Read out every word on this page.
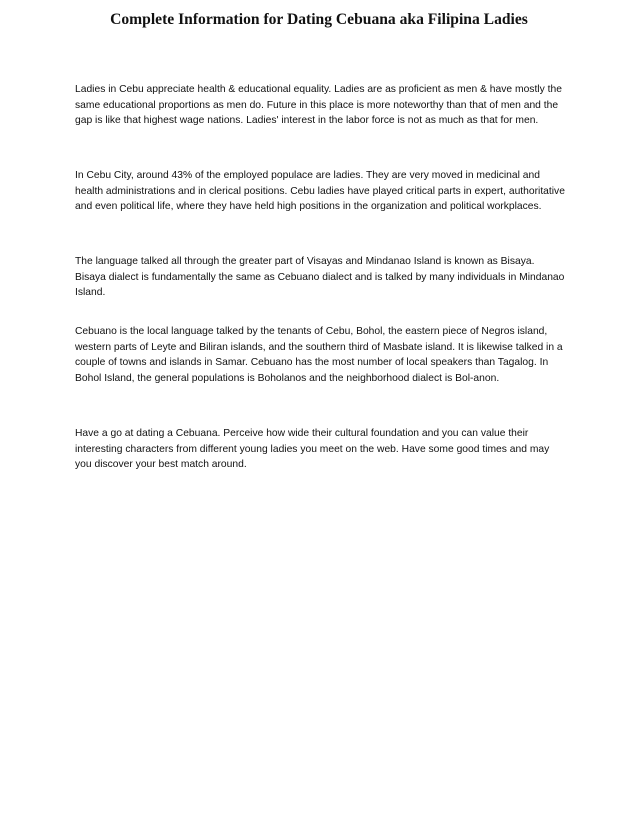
Complete Information for Dating Cebuana aka Filipina Ladies

Ladies in Cebu appreciate health & educational equality. Ladies are as proficient as men & have mostly the same educational proportions as men do. Future in this place is more noteworthy than that of men and the gap is like that highest wage nations. Ladies' interest in the labor force is not as much as that for men.

In Cebu City, around 43% of the employed populace are ladies. They are very moved in medicinal and health administrations and in clerical positions. Cebu ladies have played critical parts in expert, authoritative and even political life, where they have held high positions in the organization and political workplaces.

The language talked all through the greater part of Visayas and Mindanao Island is known as Bisaya. Bisaya dialect is fundamentally the same as Cebuano dialect and is talked by many individuals in Mindanao Island.

Cebuano is the local language talked by the tenants of Cebu, Bohol, the eastern piece of Negros island, western parts of Leyte and Biliran islands, and the southern third of Masbate island. It is likewise talked in a couple of towns and islands in Samar. Cebuano has the most number of local speakers than Tagalog. In Bohol Island, the general populations is Boholanos and the neighborhood dialect is Bol-anon.

Have a go at dating a Cebuana. Perceive how wide their cultural foundation and you can value their interesting characters from different young ladies you meet on the web. Have some good times and may you discover your best match around.
